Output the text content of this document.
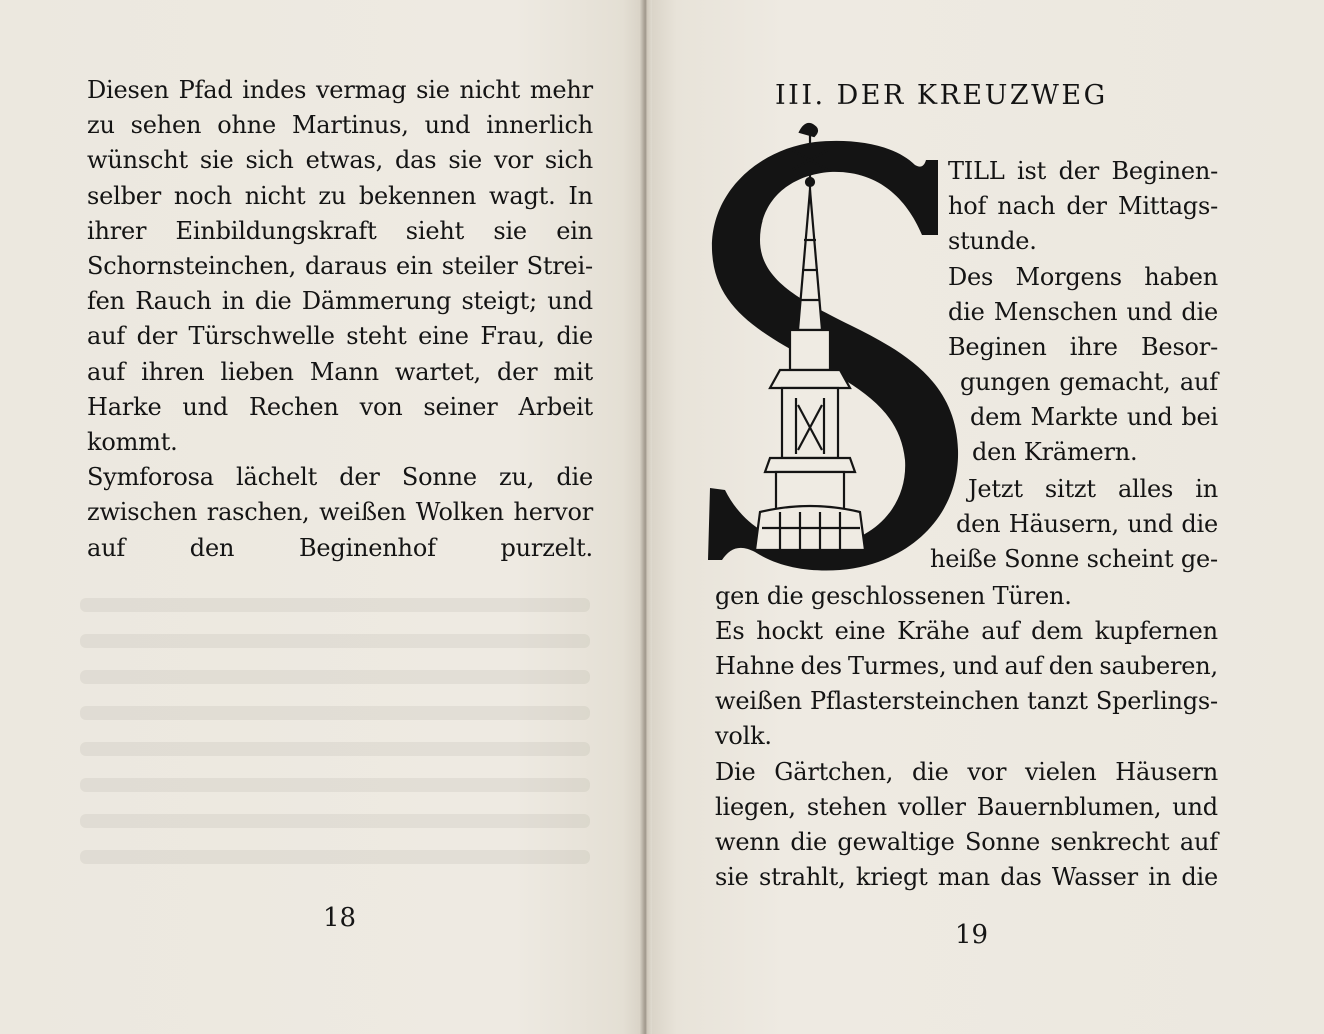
Diesen Pfad indes vermag sie nicht mehr
zu sehen ohne Martinus, und innerlich
wünscht sie sich etwas, das sie vor sich
selber noch nicht zu bekennen wagt. In
ihrer Einbildungskraft sieht sie ein
Schornsteinchen, daraus ein steiler Strei-
fen Rauch in die Dämmerung steigt; und
auf der Türschwelle steht eine Frau, die
auf ihren lieben Mann wartet, der mit
Harke und Rechen von seiner Arbeit
kommt.
Symforosa lächelt der Sonne zu, die
zwischen raschen, weißen Wolken hervor
auf den Beginenhof purzelt.
18
III. DER KREUZWEG
TILL ist der Beginen-
hof nach der Mittags-
stunde.
Des Morgens haben
die Menschen und die
Beginen ihre Besor-
gungen gemacht, auf
dem Markte und bei
den Krämern.
Jetzt sitzt alles in
den Häusern, und die
heiße Sonne scheint ge-
gen die geschlossenen Türen.
Es hockt eine Krähe auf dem kupfernen
Hahne des Turmes, und auf den sauberen,
weißen Pflastersteinchen tanzt Sperlings-
volk.
Die Gärtchen, die vor vielen Häusern
liegen, stehen voller Bauernblumen, und
wenn die gewaltige Sonne senkrecht auf
sie strahlt, kriegt man das Wasser in die
19
